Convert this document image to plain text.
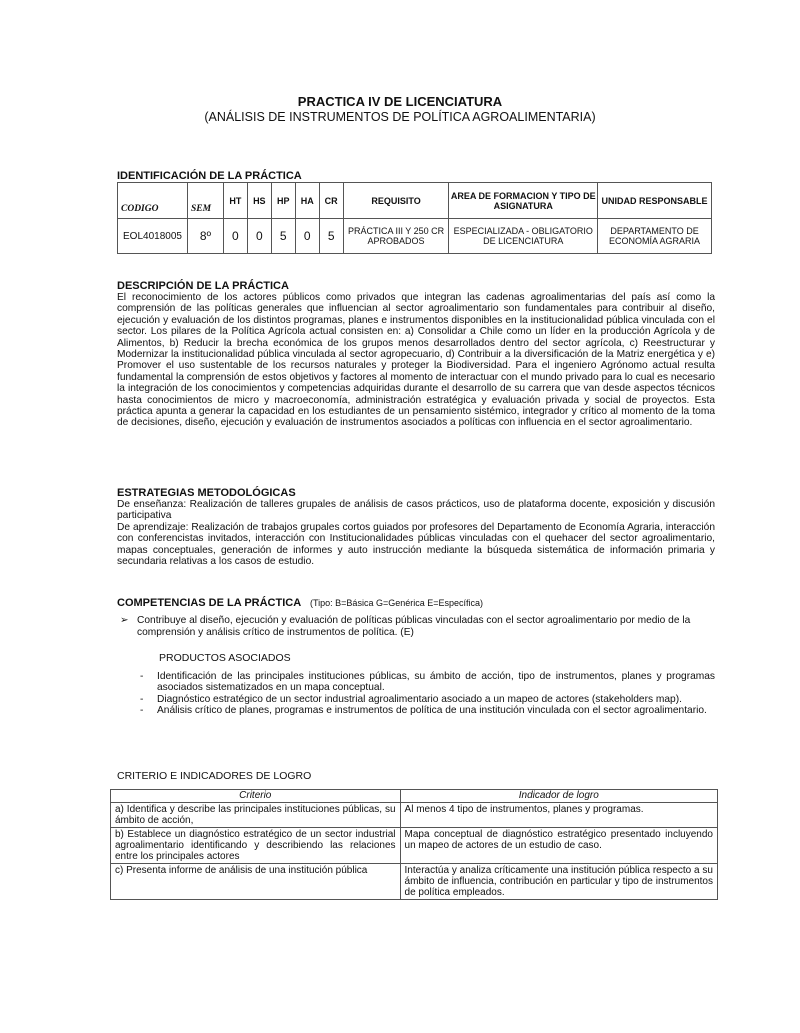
PRACTICA IV DE LICENCIATURA
(ANÁLISIS DE INSTRUMENTOS DE POLÍTICA AGROALIMENTARIA)
IDENTIFICACIÓN DE LA PRÁCTICA
CODIGO	SEM	HT	HS	HP	HA	CR	REQUISITO	AREA DE FORMACION Y TIPO DE ASIGNATURA	UNIDAD RESPONSABLE
EOL4018005	8º	0	0	5	0	5	PRÁCTICA III Y 250 CR APROBADOS	ESPECIALIZADA - OBLIGATORIO DE LICENCIATURA	DEPARTAMENTO DE ECONOMÍA AGRARIA
DESCRIPCIÓN DE LA PRÁCTICA
El reconocimiento de los actores públicos como privados que integran las cadenas agroalimentarias del país así como la comprensión de las políticas generales que influencian al sector agroalimentario son fundamentales para contribuir al diseño, ejecución y evaluación de los distintos programas, planes e instrumentos disponibles en la institucionalidad pública vinculada con el sector. Los pilares de la Política Agrícola actual consisten en: a) Consolidar a Chile como un líder en la producción Agrícola y de Alimentos, b) Reducir la brecha económica de los grupos menos desarrollados dentro del sector agrícola, c) Reestructurar y Modernizar la institucionalidad pública vinculada al sector agropecuario, d) Contribuir a la diversificación de la Matriz energética y e) Promover el uso sustentable de los recursos naturales y proteger la Biodiversidad. Para el ingeniero Agrónomo actual resulta fundamental la comprensión de estos objetivos y factores al momento de interactuar con el mundo privado para lo cual es necesario la integración de los conocimientos y competencias adquiridas durante el desarrollo de su carrera que van desde aspectos técnicos hasta conocimientos de micro y macroeconomía, administración estratégica y evaluación privada y social de proyectos. Esta práctica apunta a generar la capacidad en los estudiantes de un pensamiento sistémico, integrador y crítico al momento de la toma de decisiones, diseño, ejecución y evaluación de instrumentos asociados a políticas con influencia en el sector agroalimentario.
ESTRATEGIAS METODOLÓGICAS
De enseñanza: Realización de talleres grupales de análisis de casos prácticos, uso de plataforma docente, exposición y discusión participativa
De aprendizaje: Realización de trabajos grupales cortos guiados por profesores del Departamento de Economía Agraria, interacción con conferencistas invitados, interacción con Institucionalidades públicas vinculadas con el quehacer del sector agroalimentario, mapas conceptuales, generación de informes y auto instrucción mediante la búsqueda sistemática de información primaria y secundaria relativas a los casos de estudio.
COMPETENCIAS DE LA PRÁCTICA (Tipo: B=Básica G=Genérica E=Específica)
➢ Contribuye al diseño, ejecución y evaluación de políticas públicas vinculadas con el sector agroalimentario por medio de la comprensión y análisis crítico de instrumentos de política. (E)
PRODUCTOS ASOCIADOS
- Identificación de las principales instituciones públicas, su ámbito de acción, tipo de instrumentos, planes y programas asociados sistematizados en un mapa conceptual.
- Diagnóstico estratégico de un sector industrial agroalimentario asociado a un mapeo de actores (stakeholders map).
- Análisis crítico de planes, programas e instrumentos de política de una institución vinculada con el sector agroalimentario.
CRITERIO E INDICADORES DE LOGRO
Criterio	Indicador de logro
a) Identifica y describe las principales instituciones públicas, su ámbito de acción,	Al menos 4 tipo de instrumentos, planes y programas.
b) Establece un diagnóstico estratégico de un sector industrial agroalimentario identificando y describiendo las relaciones entre los principales actores	Mapa conceptual de diagnóstico estratégico presentado incluyendo un mapeo de actores de un estudio de caso.
c) Presenta informe de análisis de una institución pública	Interactúa y analiza críticamente una institución pública respecto a su ámbito de influencia, contribución en particular y tipo de instrumentos de política empleados.
